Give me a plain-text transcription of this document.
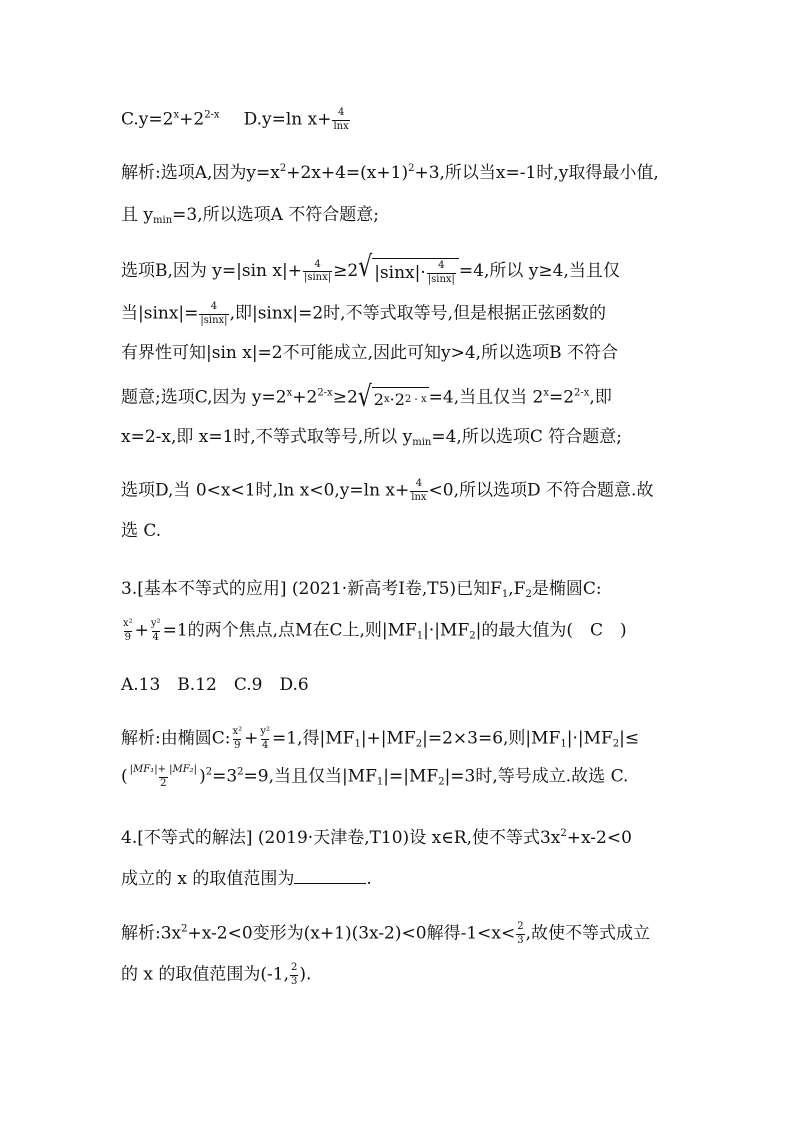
$C.y=2^x+2^{2-x}$ D.y=ln $x+ \frac{4}{\ln x}$
解析:选项A,因为$y=x^2+2x+4=(x+1)^2+3$,所以当x=-1时,y取得最小值,
且 $y_{min}=3$,所以选项A 不符合题意;
选项B,因为 y=|sin $x|+ \frac{4}{|\sin x|} \ge 2$ √ $|\sin x|\cdot \frac{4}{|\sin x|} =4$,所以 y≥4,当且仅
当$|\sin x|= \frac{4}{|\sin x|}$ ,即|sinx|=2时,不等式取等号,但是根据正弦函数的
有界性可知|sin x|=2不可能成立,因此可知y>4,所以选项B 不符合
题意;选项C,因为 $y=2^x+2^{2-x}\ge 2$ √ 2 x ·2 2 - x =4,当且仅当 $2^x=2^{2-x}$,即
x=2-x,即 x=1时,不等式取等号,所以 $y_{min}=4$,所以选项C 符合题意;
选项D,当 0<x<1时,ln x<0,y=ln $x+ \frac{4}{\ln x} <0$,所以选项D 不符合题意.故
选 C.
3.[基本不等式的应用] (2021·新高考Ⅰ卷,T5)已知$F_1,F_2$是椭圆C:
$\frac{\text{x²}}{9} + \frac{\text{y²}}{4} =1$的两个焦点,点M在C上,则$|MF_1|\cdot|MF_2|$的最大值为(　C　)
A.13　B.12　C.9　D.6
解析:由椭圆C: $\frac{\text{x²}}{9} + \frac{\text{y²}}{4} =1$,得$|MF_1|+|MF_2|=2\times 3=6$,则$|MF_1|\cdot|MF_2|\le$
( $\frac{\text{|MF₁|+ |MF₂|}}{2} )^2=3^2=9$,当且仅当$|MF_1|=|MF_2|=3$时,等号成立.故选 C.
4.[不等式的解法] (2019·天津卷,T10)设 x∈R,使不等式$3x^2+x-2<0$
成立的 x 的取值范围为	.
解析$:3x^2+x-2<0$变形为(x+1)(3x-2)<0解得$-1<x< \frac{2}{3}$ ,故使不等式成立
的 x 的取值范围为(-1, $\frac{2}{3}$ ).
